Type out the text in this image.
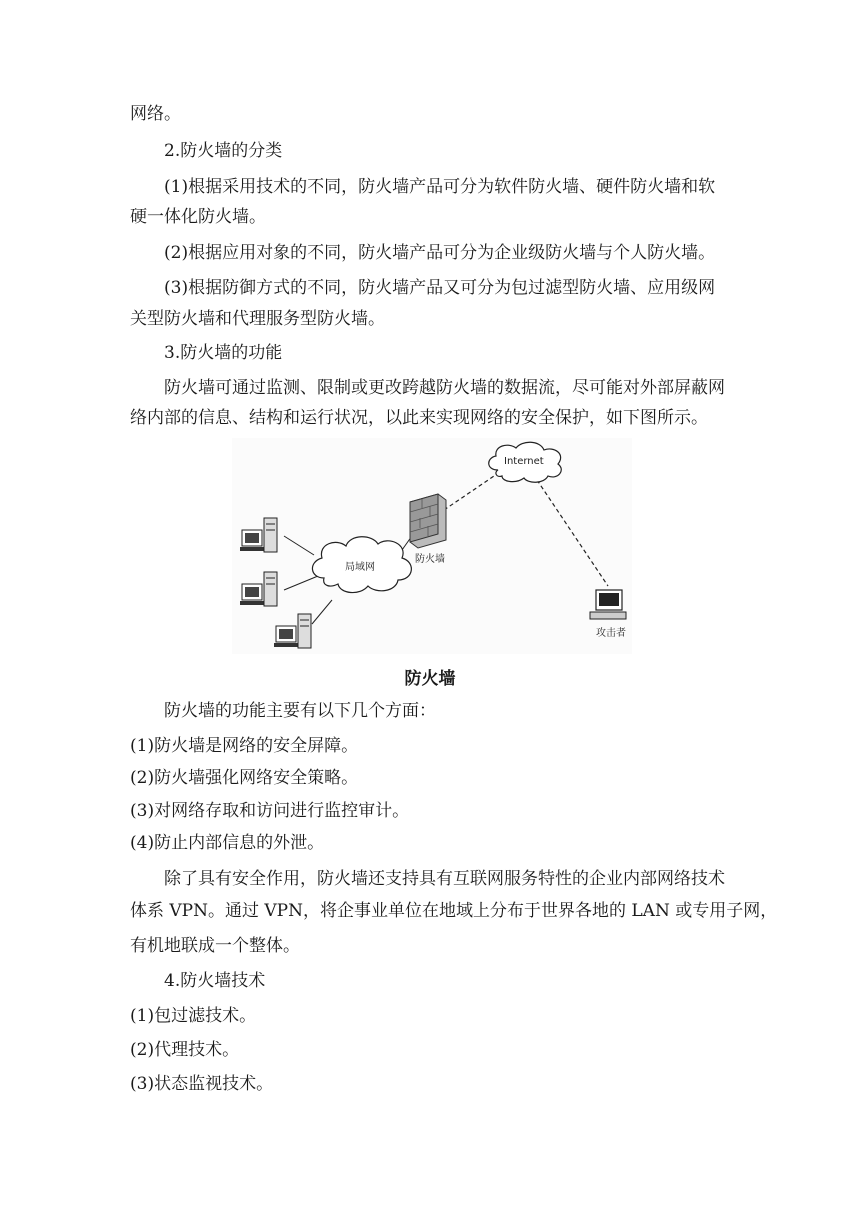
网络。
2.防火墙的分类
(1)根据采用技术的不同，防火墙产品可分为软件防火墙、硬件防火墙和软
硬一体化防火墙。
(2)根据应用对象的不同，防火墙产品可分为企业级防火墙与个人防火墙。
(3)根据防御方式的不同，防火墙产品又可分为包过滤型防火墙、应用级网
关型防火墙和代理服务型防火墙。
3.防火墙的功能
防火墙可通过监测、限制或更改跨越防火墙的数据流，尽可能对外部屏蔽网
络内部的信息、结构和运行状况，以此来实现网络的安全保护，如下图所示。
局域网
Internet
防火墙
攻击者
防火墙
防火墙的功能主要有以下几个方面：
(1)防火墙是网络的安全屏障。
(2)防火墙强化网络安全策略。
(3)对网络存取和访问进行监控审计。
(4)防止内部信息的外泄。
除了具有安全作用，防火墙还支持具有互联网服务特性的企业内部网络技术
体系 VPN。通过 VPN，将企事业单位在地域上分布于世界各地的 LAN 或专用子网，
有机地联成一个整体。
4.防火墙技术
(1)包过滤技术。
(2)代理技术。
(3)状态监视技术。
